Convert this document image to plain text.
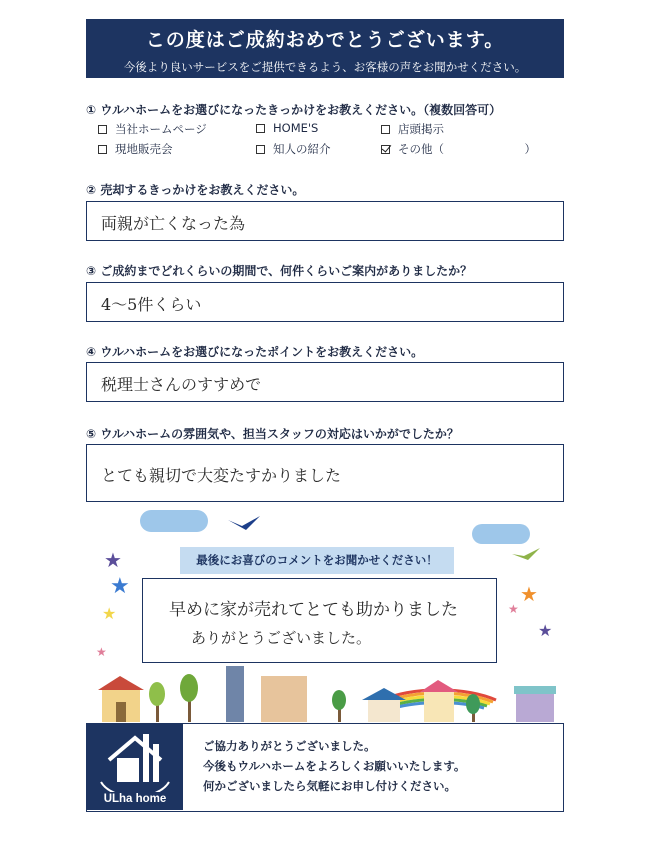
この度はご成約おめでとうございます。
今後より良いサービスをご提供できるよう、お客様の声をお聞かせください。
① ウルハホームをお選びになったきっかけをお教えください。（複数回答可）
当社ホームページ	HOME'S	店頭掲示
現地販売会	知人の紹介	その他（　　　　　　　）
② 売却するきっかけをお教えください。
両親が亡くなった為
③ ご成約までどれくらいの期間で、何件くらいご案内がありましたか？
4〜5件くらい
④ ウルハホームをお選びになったポイントをお教えください。
税理士さんのすすめで
⑤ ウルハホームの雰囲気や、担当スタッフの対応はいかがでしたか？
とても親切で大変たすかりました
★
★
★
★
★
★
★
最後にお喜びのコメントをお聞かせください！
早めに家が売れてとても助かりました
ありがとうございました。
ULha home
ご協力ありがとうございました。
今後もウルハホームをよろしくお願いいたします。
何かございましたら気軽にお申し付けください。
